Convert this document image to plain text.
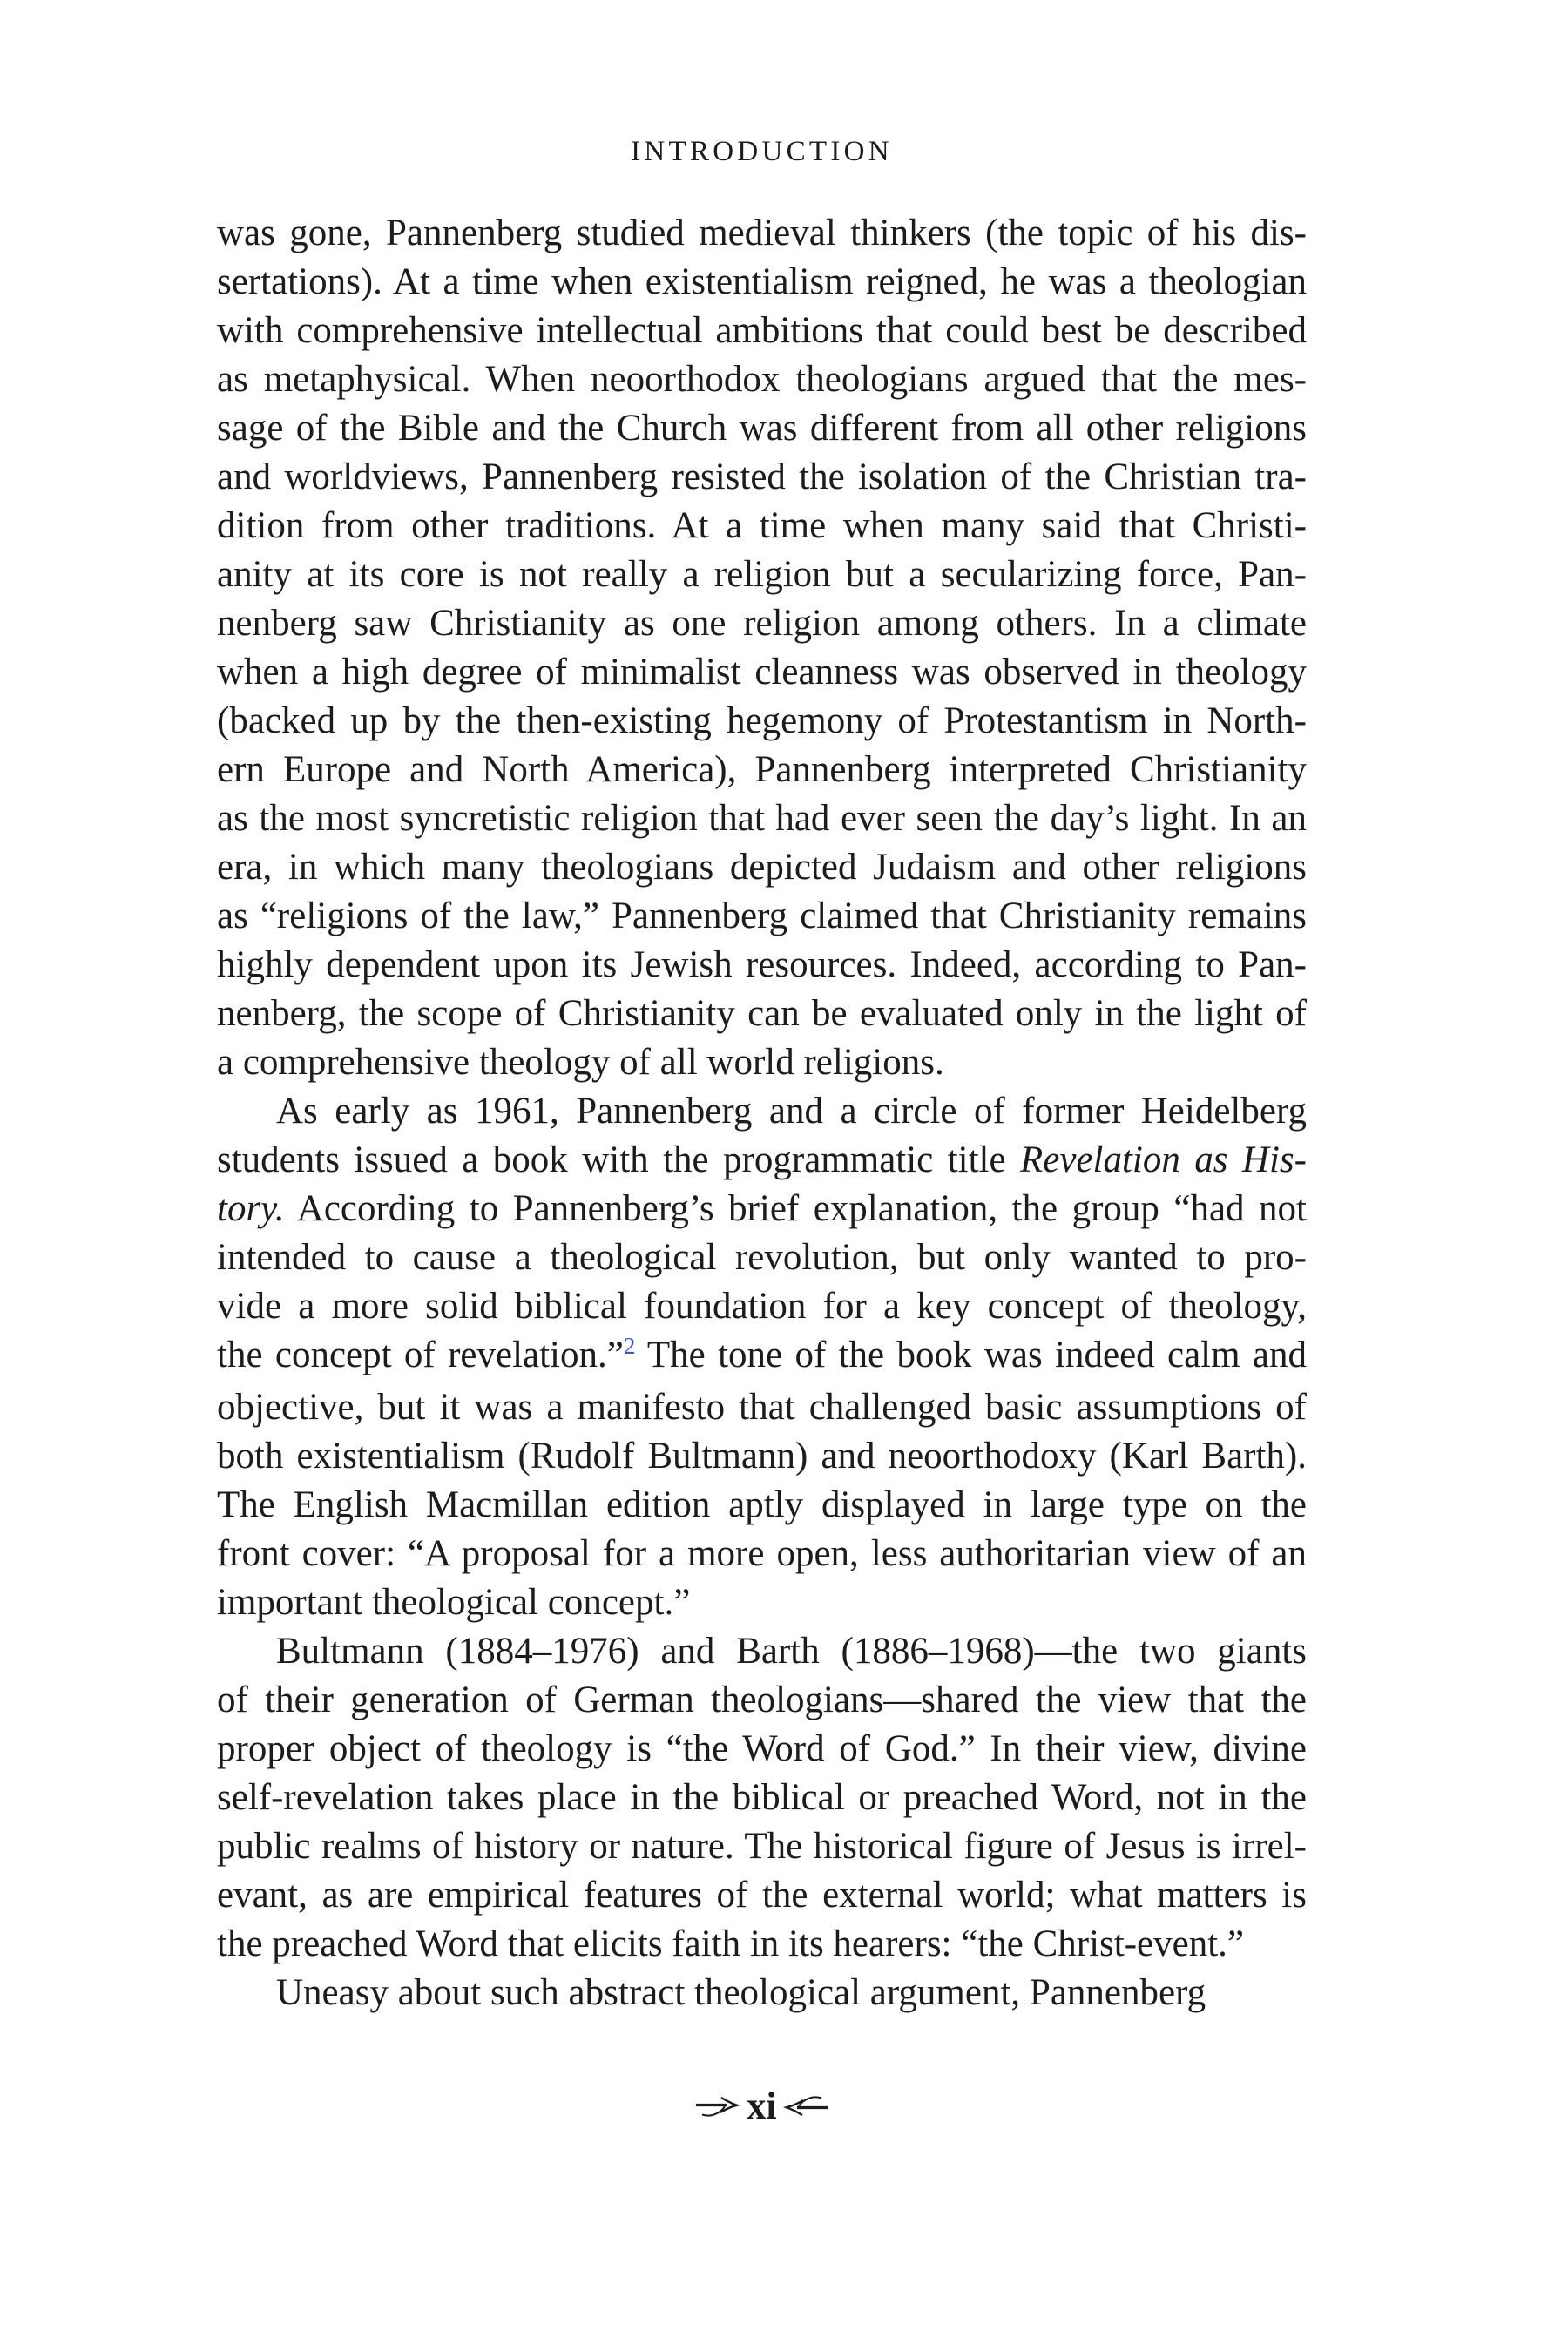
INTRODUCTION
was gone, Pannenberg studied medieval thinkers (the topic of his dis-
sertations). At a time when existentialism reigned, he was a theologian
with comprehensive intellectual ambitions that could best be described
as metaphysical. When neoorthodox theologians argued that the mes-
sage of the Bible and the Church was different from all other religions
and worldviews, Pannenberg resisted the isolation of the Christian tra-
dition from other traditions. At a time when many said that Christi-
anity at its core is not really a religion but a secularizing force, Pan-
nenberg saw Christianity as one religion among others. In a climate
when a high degree of minimalist cleanness was observed in theology
(backed up by the then-existing hegemony of Protestantism in North-
ern Europe and North America), Pannenberg interpreted Christianity
as the most syncretistic religion that had ever seen the day’s light. In an
era, in which many theologians depicted Judaism and other religions
as “religions of the law,” Pannenberg claimed that Christianity remains
highly dependent upon its Jewish resources. Indeed, according to Pan-
nenberg, the scope of Christianity can be evaluated only in the light of
a comprehensive theology of all world religions.
As early as 1961, Pannenberg and a circle of former Heidelberg
students issued a book with the programmatic title Revelation as His-
tory. According to Pannenberg’s brief explanation, the group “had not
intended to cause a theological revolution, but only wanted to pro-
vide a more solid biblical foundation for a key concept of theology,
the concept of revelation.”$^2$ The tone of the book was indeed calm and
objective, but it was a manifesto that challenged basic assumptions of
both existentialism (Rudolf Bultmann) and neoorthodoxy (Karl Barth).
The English Macmillan edition aptly displayed in large type on the
front cover: “A proposal for a more open, less authoritarian view of an
important theological concept.”
Bultmann (1884–1976) and Barth (1886–1968)—the two giants
of their generation of German theologians—shared the view that the
proper object of theology is “the Word of God.” In their view, divine
self-revelation takes place in the biblical or preached Word, not in the
public realms of history or nature. The historical figure of Jesus is irrel-
evant, as are empirical features of the external world; what matters is
the preached Word that elicits faith in its hearers: “the Christ-event.”
Uneasy about such abstract theological argument, Pannenberg
xi
